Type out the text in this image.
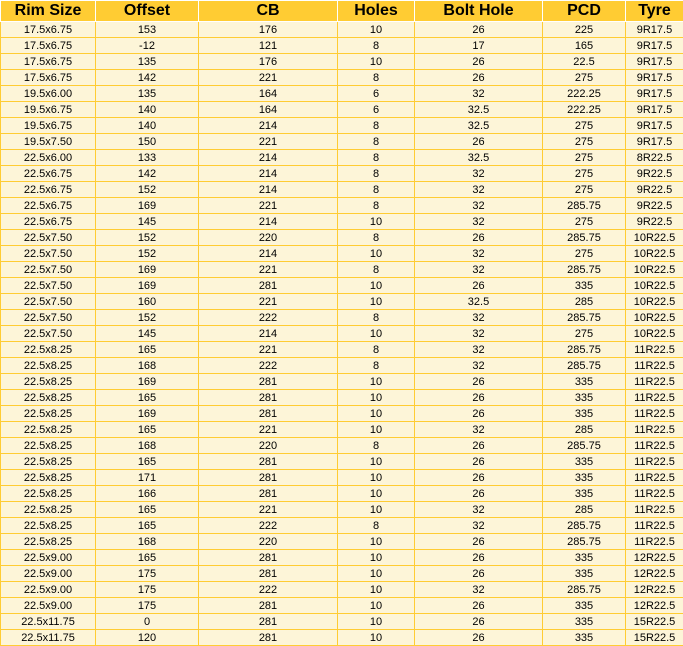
Rim Size	Offset	CB	Holes	Bolt Hole	PCD	Tyre
17.5x6.75	153	176	10	26	225	9R17.5
17.5x6.75	-12	121	8	17	165	9R17.5
17.5x6.75	135	176	10	26	22.5	9R17.5
17.5x6.75	142	221	8	26	275	9R17.5
19.5x6.00	135	164	6	32	222.25	9R17.5
19.5x6.75	140	164	6	32.5	222.25	9R17.5
19.5x6.75	140	214	8	32.5	275	9R17.5
19.5x7.50	150	221	8	26	275	9R17.5
22.5x6.00	133	214	8	32.5	275	8R22.5
22.5x6.75	142	214	8	32	275	9R22.5
22.5x6.75	152	214	8	32	275	9R22.5
22.5x6.75	169	221	8	32	285.75	9R22.5
22.5x6.75	145	214	10	32	275	9R22.5
22.5x7.50	152	220	8	26	285.75	10R22.5
22.5x7.50	152	214	10	32	275	10R22.5
22.5x7.50	169	221	8	32	285.75	10R22.5
22.5x7.50	169	281	10	26	335	10R22.5
22.5x7.50	160	221	10	32.5	285	10R22.5
22.5x7.50	152	222	8	32	285.75	10R22.5
22.5x7.50	145	214	10	32	275	10R22.5
22.5x8.25	165	221	8	32	285.75	11R22.5
22.5x8.25	168	222	8	32	285.75	11R22.5
22.5x8.25	169	281	10	26	335	11R22.5
22.5x8.25	165	281	10	26	335	11R22.5
22.5x8.25	169	281	10	26	335	11R22.5
22.5x8.25	165	221	10	32	285	11R22.5
22.5x8.25	168	220	8	26	285.75	11R22.5
22.5x8.25	165	281	10	26	335	11R22.5
22.5x8.25	171	281	10	26	335	11R22.5
22.5x8.25	166	281	10	26	335	11R22.5
22.5x8.25	165	221	10	32	285	11R22.5
22.5x8.25	165	222	8	32	285.75	11R22.5
22.5x8.25	168	220	10	26	285.75	11R22.5
22.5x9.00	165	281	10	26	335	12R22.5
22.5x9.00	175	281	10	26	335	12R22.5
22.5x9.00	175	222	10	32	285.75	12R22.5
22.5x9.00	175	281	10	26	335	12R22.5
22.5x11.75	0	281	10	26	335	15R22.5
22.5x11.75	120	281	10	26	335	15R22.5
